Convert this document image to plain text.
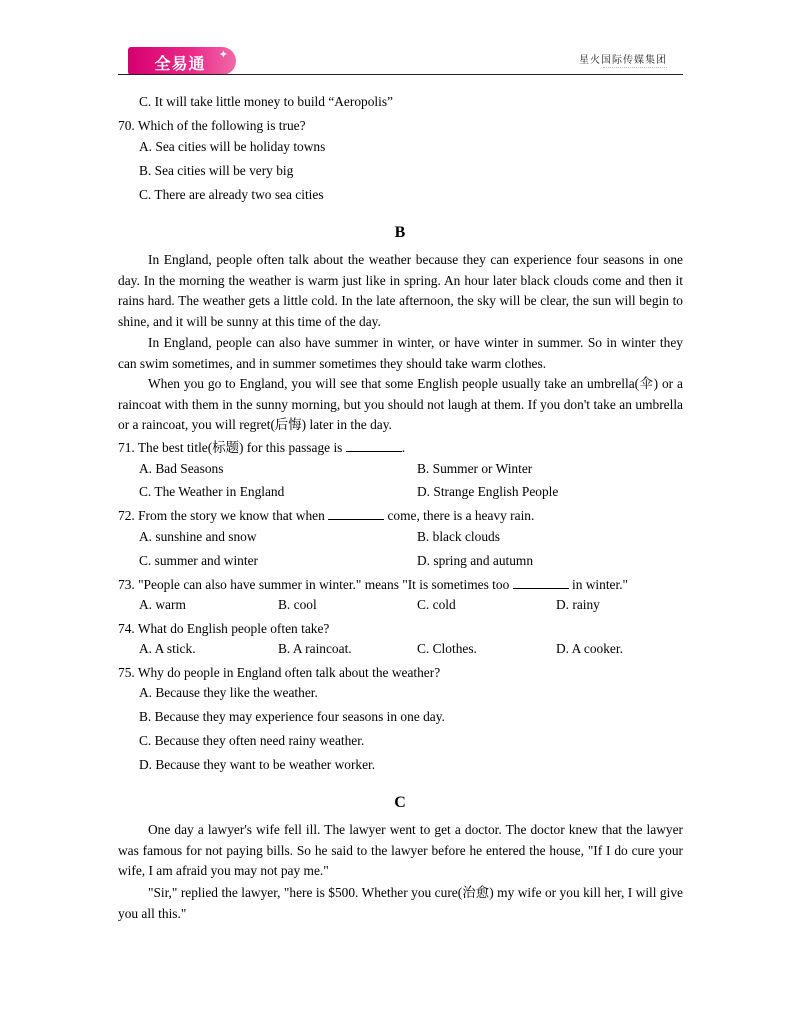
全易通	✦	星火国际传媒集团
C. It will take little money to build “Aeropolis”
70. Which of the following is true?
A. Sea cities will be holiday towns
B. Sea cities will be very big
C. There are already two sea cities
B
In England, people often talk about the weather because they can experience four seasons in one day. In the morning the weather is warm just like in spring. An hour later black clouds come and then it rains hard. The weather gets a little cold. In the late afternoon, the sky will be clear, the sun will begin to shine, and it will be sunny at this time of the day.
In England, people can also have summer in winter, or have winter in summer. So in winter they can swim sometimes, and in summer sometimes they should take warm clothes.
When you go to England, you will see that some English people usually take an umbrella(伞) or a raincoat with them in the sunny morning, but you should not laugh at them. If you don't take an umbrella or a raincoat, you will regret(后悔) later in the day.
71. The best title(标题) for this passage is	.
A. Bad Seasons	B. Summer or Winter
C. The Weather in England	D. Strange English People
72. From the story we know that when	come, there is a heavy rain.
A. sunshine and snow	B. black clouds
C. summer and winter	D. spring and autumn
73. "People can also have summer in winter." means "It is sometimes too	in winter."
A. warm	B. cool	C. cold	D. rainy
74. What do English people often take?
A. A stick.	B. A raincoat.	C. Clothes.	D. A cooker.
75. Why do people in England often talk about the weather?
A. Because they like the weather.
B. Because they may experience four seasons in one day.
C. Because they often need rainy weather.
D. Because they want to be weather worker.
C
One day a lawyer's wife fell ill. The lawyer went to get a doctor. The doctor knew that the lawyer was famous for not paying bills. So he said to the lawyer before he entered the house, "If I do cure your wife, I am afraid you may not pay me."
"Sir," replied the lawyer, "here is $500. Whether you cure(治愈) my wife or you kill her, I will give you all this."
